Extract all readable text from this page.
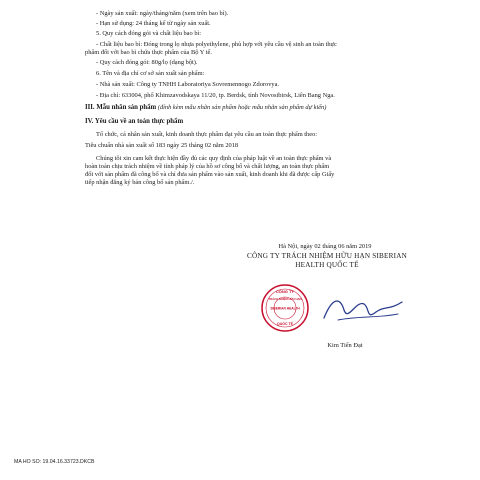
- Ngày sản xuất: ngày/tháng/năm (xem trên bao bì).
- Hạn sử dụng: 24 tháng kể từ ngày sản xuất.
5. Quy cách đóng gói và chất liệu bao bì:
- Chất liệu bao bì: Đóng trong lọ nhựa polyethylene, phù hợp với yêu cầu vệ sinh an toàn thực
phẩm đối với bao bì chứa thực phẩm của Bộ Y tế.
- Quy cách đóng gói: 80g/lọ (dạng bột).
6. Tên và địa chỉ cơ sở sản xuất sản phẩm:
- Nhà sản xuất: Công ty TNHH Laboratoriya Sovremennogo Zdorovya.
- Địa chỉ: 633004, phố Khimzavodskaya 11/20, tp. Berdsk, tỉnh Novosibirsk, Liên Bang Nga.
III. Mẫu nhãn sản phẩm (đính kèm mẫu nhãn sản phẩm hoặc mẫu nhãn sản phẩm dự kiến)
IV. Yêu cầu về an toàn thực phẩm
Tổ chức, cá nhân sản xuất, kinh doanh thực phẩm đạt yêu cầu an toàn thực phẩm theo:
Tiêu chuẩn nhà sản xuất số 183 ngày 25 tháng 02 năm 2018
Chúng tôi xin cam kết thực hiện đầy đủ các quy định của pháp luật về an toàn thực phẩm và
hoàn toàn chịu trách nhiệm về tính pháp lý của hồ sơ công bố và chất lượng, an toàn thực phẩm
đối với sản phẩm đã công bố và chỉ đưa sản phẩm vào sản xuất, kinh doanh khi đã được cấp Giấy
tiếp nhận đăng ký bản công bố sản phẩm./.
Hà Nội, ngày 02 tháng 06 năm 2019
CÔNG TY TRÁCH NHIỆM HỮU HẠN SIBERIAN
HEALTH QUỐC TẾ
CÔNG TY
TRÁCH NHIỆM HỮU HẠN
SIBERIAN HEALTH
QUỐC TẾ
Kim Tiến Đạt
MA HO SO: 19.04.16.33723.DKCB
